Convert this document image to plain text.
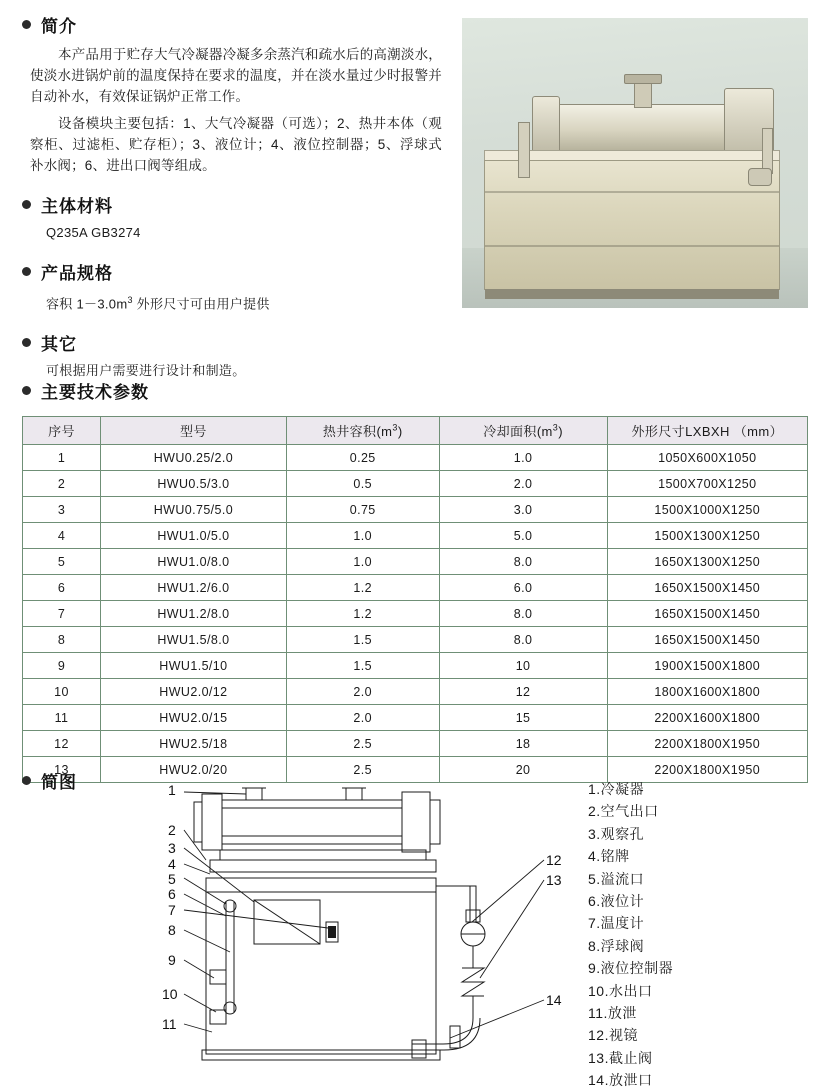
简介

本产品用于贮存大气冷凝器冷凝多余蒸汽和疏水后的高潮淡水，使淡水进锅炉前的温度保持在要求的温度，并在淡水量过少时报警并自动补水，有效保证锅炉正常工作。

设备模块主要包括：1、大气冷凝器（可选）；2、热井本体（观察柜、过滤柜、贮存柜）；3、液位计；4、液位控制器；5、浮球式补水阀；6、进出口阀等组成。

主体材料
Q235A GB3274
产品规格
容积 $1-3.0m^3$ 外形尺寸可由用户提供
其它
可根据用户需要进行设计和制造。
主要技术参数
序号	型号	热井容积$(m^3)$	冷却面积$(m^3)$	外形尺寸LXBXH （mm）
1	HWU0.25/2.0	0.25	1.0	1050X600X1050
2	HWU0.5/3.0	0.5	2.0	1500X700X1250
3	HWU0.75/5.0	0.75	3.0	1500X1000X1250
4	HWU1.0/5.0	1.0	5.0	1500X1300X1250
5	HWU1.0/8.0	1.0	8.0	1650X1300X1250
6	HWU1.2/6.0	1.2	6.0	1650X1500X1450
7	HWU1.2/8.0	1.2	8.0	1650X1500X1450
8	HWU1.5/8.0	1.5	8.0	1650X1500X1450
9	HWU1.5/10	1.5	10	1900X1500X1800
10	HWU2.0/12	2.0	12	1800X1600X1800
11	HWU2.0/15	2.0	15	2200X1600X1800
12	HWU2.5/18	2.5	18	2200X1800X1950
13	HWU2.0/20	2.5	20	2200X1800X1950
简图	1
2
3
4
5
6
7
8
9
10
11
12
13
14
1.冷凝器
2.空气出口
3.观察孔
4.铭牌
5.溢流口
6.液位计
7.温度计
8.浮球阀
9.液位控制器
10.水出口
11.放泄
12.视镜
13.截止阀
14.放泄口
